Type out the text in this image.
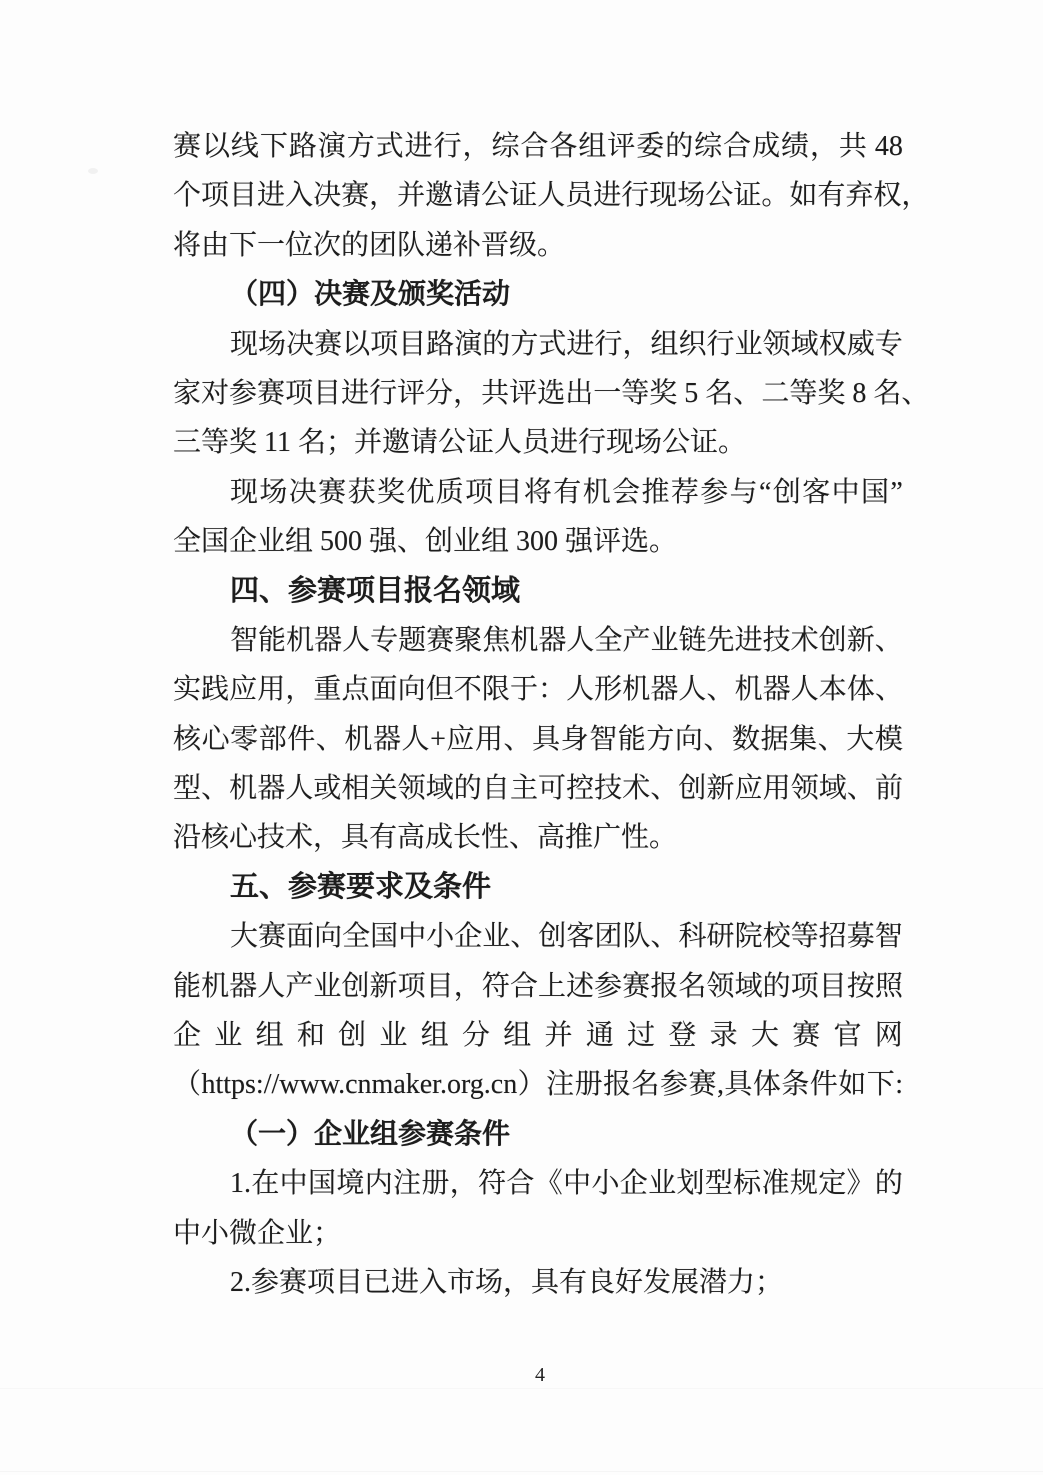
赛 以 线 下 路 演 方 式 进 行 ， 综 合 各 组 评 委 的 综 合 成 绩 ， 共 48
个 项 目 进 入 决 赛 ， 并 邀 请 公 证 人 员 进 行 现 场 公 证 。 如 有 弃 权 ，
将由下一位次的团队递补晋级。
（四）决赛及颁奖活动
现 场 决 赛 以 项 目 路 演 的 方 式 进 行 ， 组 织 行 业 领 域 权 威 专
家 对 参 赛 项 目 进 行 评 分 ， 共 评 选 出 一 等 奖 5 名 、 二 等 奖 8 名 、
三等奖 11 名；并邀请公证人员进行现场公证。
现 场 决 赛 获 奖 优 质 项 目 将 有 机 会 推 荐 参 与 “ 创 客 中 国 ”
全国企业组 500 强、创业组 300 强评选。
四、参赛项目报名领域
智 能 机 器 人 专 题 赛 聚 焦 机 器 人 全 产 业 链 先 进 技 术 创 新 、
实 践 应 用 ， 重 点 面 向 但 不 限 于 ： 人 形 机 器 人 、 机 器 人 本 体 、
核 心 零 部 件 、 机 器 人 + 应 用 、 具 身 智 能 方 向 、 数 据 集 、 大 模
型 、 机 器 人 或 相 关 领 域 的 自 主 可 控 技 术 、 创 新 应 用 领 域 、 前
沿核心技术，具有高成长性、高推广性。
五、参赛要求及条件
大 赛 面 向 全 国 中 小 企 业 、 创 客 团 队 、 科 研 院 校 等 招 募 智
能 机 器 人 产 业 创 新 项 目 ， 符 合 上 述 参 赛 报 名 领 域 的 项 目 按 照
企 业 组 和 创 业 组 分 组 并 通 过 登 录 大 赛 官 网
（ https://www.cnmaker.org.cn ） 注 册 报 名 参 赛 , 具 体 条 件 如 下 :
（一）企业组参赛条件
1. 在 中 国 境 内 注 册 ， 符 合 《 中 小 企 业 划 型 标 准 规 定 》 的
中小微企业；
2.参赛项目已进入市场，具有良好发展潜力；
4
